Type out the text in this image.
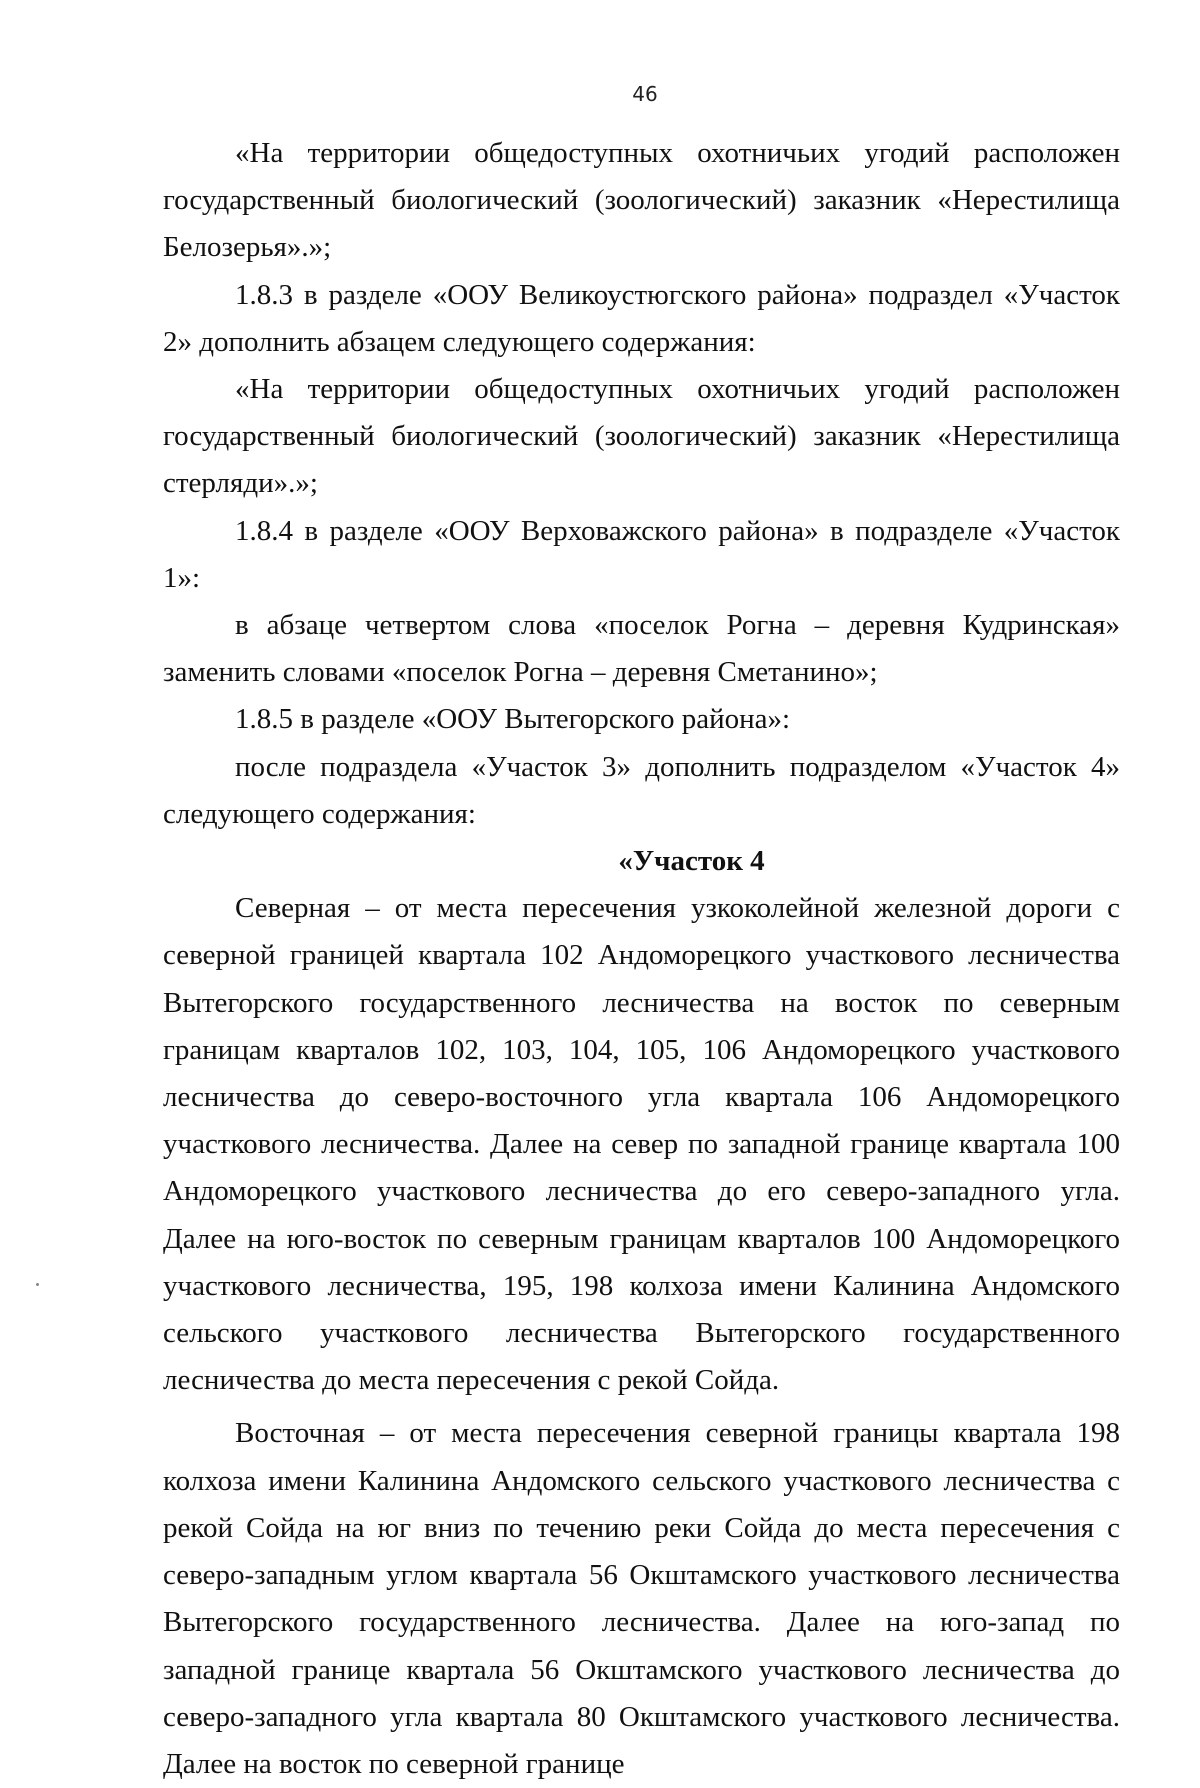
46

«На территории общедоступных охотничьих угодий расположен государственный биологический (зоологический) заказник «Нерестилища Белозерья».»;

1.8.3 в разделе «ООУ Великоустюгского района» подраздел «Участок 2» дополнить абзацем следующего содержания:

«На территории общедоступных охотничьих угодий расположен государственный биологический (зоологический) заказник «Нерестилища стерляди».»;

1.8.4 в разделе «ООУ Верховажского района» в подразделе «Участок 1»:

в абзаце четвертом слова «поселок Рогна – деревня Кудринская» заменить словами «поселок Рогна – деревня Сметанино»;

1.8.5 в разделе «ООУ Вытегорского района»:

после подраздела «Участок 3» дополнить подразделом «Участок 4» следующего содержания:

«Участок 4

Северная – от места пересечения узкоколейной железной дороги с северной границей квартала 102 Андоморецкого участкового лесничества Вытегорского государственного лесничества на восток по северным границам кварталов 102, 103, 104, 105, 106 Андоморецкого участкового лесничества до северо-восточного угла квартала 106 Андоморецкого участкового лесничества. Далее на север по западной границе квартала 100 Андоморецкого участкового лесничества до его северо-западного угла. Далее на юго-восток по северным границам кварталов 100 Андоморецкого участкового лесничества, 195, 198 колхоза имени Калинина Андомского сельского участкового лесничества Вытегорского государственного лесничества до места пересечения с рекой Сойда.

Восточная – от места пересечения северной границы квартала 198 колхоза имени Калинина Андомского сельского участкового лесничества с рекой Сойда на юг вниз по течению реки Сойда до места пересечения с северо-западным углом квартала 56 Окштамского участкового лесничества Вытегорского государственного лесничества. Далее на юго-запад по западной границе квартала 56 Окштамского участкового лесничества до северо-западного угла квартала 80 Окштамского участкового лесничества. Далее на восток по северной границе
